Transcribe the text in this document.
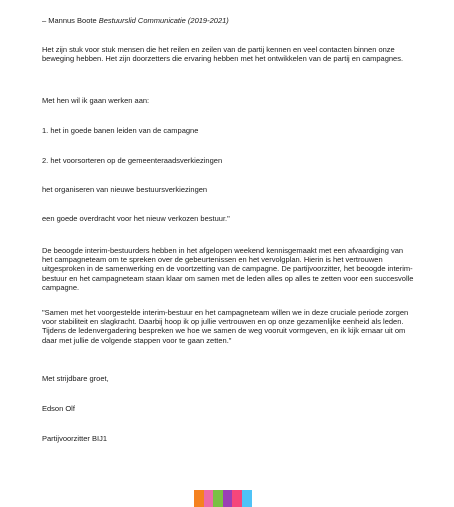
– Mannus Boote Bestuurslid Communicatie (2019-2021)

Het zijn stuk voor stuk mensen die het reilen en zeilen van de partij kennen en veel contacten binnen onze beweging hebben. Het zijn doorzetters die ervaring hebben met het ontwikkelen van de partij en campagnes.

Met hen wil ik gaan werken aan:

1. het in goede banen leiden van de campagne

2. het voorsorteren op de gemeenteraadsverkiezingen

het organiseren van nieuwe bestuursverkiezingen

een goede overdracht voor het nieuw verkozen bestuur."

De beoogde interim-bestuurders hebben in het afgelopen weekend kennisgemaakt met een afvaardiging van het campagneteam om te spreken over de gebeurtenissen en het vervolgplan. Hierin is het vertrouwen uitgesproken in de samenwerking en de voortzetting van de campagne. De partijvoorzitter, het beoogde interim-bestuur en het campagneteam staan klaar om samen met de leden alles op alles te zetten voor een succesvolle campagne.

"Samen met het voorgestelde interim-bestuur en het campagneteam willen we in deze cruciale periode zorgen voor stabiliteit en slagkracht. Daarbij hoop ik op jullie vertrouwen en op onze gezamenlijke eenheid als leden. Tijdens de ledenvergadering bespreken we hoe we samen de weg vooruit vormgeven, en ik kijk ernaar uit om daar met jullie de volgende stappen voor te gaan zetten."

Met strijdbare groet,

Edson Olf

Partijvoorzitter BIJ1
